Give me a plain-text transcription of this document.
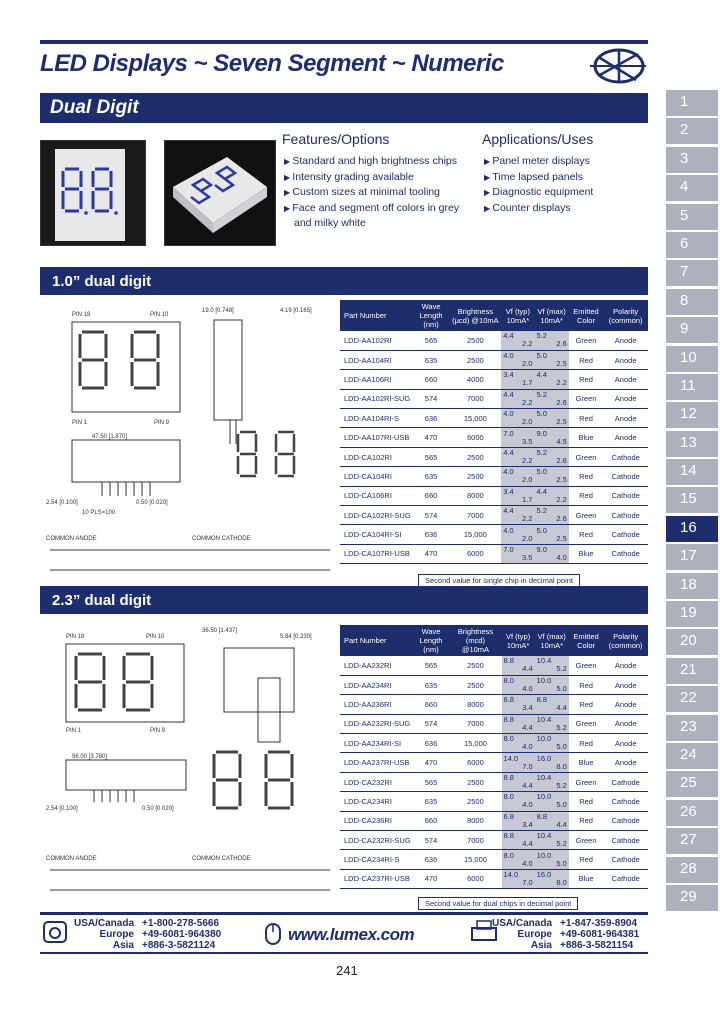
LED Displays ~ Seven Segment ~ Numeric
Dual Digit
Features/Options
▶ Standard and high brightness chips
▶ Intensity grading available
▶ Custom sizes at minimal tooling
▶ Face and segment off colors in grey
and milky white
Applications/Uses
▶ Panel meter displays
▶ Time lapsed panels
▶ Diagnostic equipment
▶ Counter displays
1
2
3
4
5
6
7
8
9
10
11
12
13
14
15
16
17
18
19
20
21
22
23
24
25
26
27
28
29
1.0” dual digit
PIN 18	PIN 10
PIN 1	PIN 9
19.0 [0.748]	4.19 [0.165]
47.50 [1.870]
2.54 [0.100]	0.50 [0.020]
10 PLS=100
COMMON ANODE	COMMON CATHODE
Part Number	Wave Length (nm)	Brightness (μcd) @10mA	Vf (typ) 10mA*	Vf (max) 10mA*	Emitted Color	Polarity (common)
LDD-AA102RI	565	2500	4.4
2.2	5.2
2.6	Green	Anode
LDD-AA104RI	635	2500	4.0
2.0	5.0
2.5	Red	Anode
LDD-AA106RI	660	4000	3.4
1.7	4.4
2.2	Red	Anode
LDD-AA102RI-SUG	574	7000	4.4
2.2	5.2
2.6	Green	Anode
LDD-AA104RI-S	636	15,000	4.0
2.0	5.0
2.5	Red	Anode
LDD-AA107RI-USB	470	6000	7.0
3.5	9.0
4.5	Blue	Anode
LDD-CA102RI	565	2500	4.4
2.2	5.2
2.6	Green	Cathode
LDD-CA104RI	635	2500	4.0
2.0	5.0
2.5	Red	Cathode
LDD-CA106RI	660	8000	3.4
1.7	4.4
2.2	Red	Cathode
LDD-CA102RI-SUG	574	7000	4.4
2.2	5.2
2.6	Green	Cathode
LDD-CA104RI-SI	636	15,000	4.0
2.0	5.0
2.5	Red	Cathode
LDD-CA107RI-USB	470	6000	7.0
3.5	9.0
4.0	Blue	Cathode
Second value for single chip in decimal point
2.3” dual digit
PIN 18	PIN 10
PIN 1	PIN 9
36.50 [1.437]
5.84 [0.230]
96.00 [3.780]
2.54 [0.100]	0.50 [0.020]
COMMON ANODE	COMMON CATHODE
Part Number	Wave Length (nm)	Brightness (mcd) @10mA	Vf (typ) 10mA*	Vf (max) 10mA*	Emitted Color	Polarity (common)
LDD-AA232RI	565	2500	8.8
4.4	10.4
5.2	Green	Anode
LDD-AA234RI	635	2500	8.0
4.0	10.0
5.0	Red	Anode
LDD-AA236RI	660	8000	6.8
3.4	8.8
4.4	Red	Anode
LDD-AA232RI-SUG	574	7000	8.8
4.4	10.4
5.2	Green	Anode
LDD-AA234RI-SI	636	15,000	8.0
4.0	10.0
5.0	Red	Anode
LDD-AA237RI-USB	470	6000	14.0
7.0	16.0
8.0	Blue	Anode
LDD-CA232RI	565	2500	8.8
4.4	10.4
5.2	Green	Cathode
LDD-CA234RI	635	2500	8.0
4.0	10.0
5.0	Red	Cathode
LDD-CA236RI	660	8000	6.8
3.4	8.8
4.4	Red	Cathode
LDD-CA232RI-SUG	574	7000	8.8
4.4	10.4
5.2	Green	Cathode
LDD-CA234RI-S	636	15,000	8.0
4.0	10.0
5.0	Red	Cathode
LDD-CA237RI-USB	470	6000	14.0
7.0	16.0
8.0	Blue	Cathode
Second value for dual chips in decimal point
USA/Canada +1-800-278-5666
Europe +49-6081-964380
Asia +886-3-5821124
www.lumex.com
USA/Canada +1-847-359-8904
Europe +49-6081-964381
Asia +886-3-5821154
241
